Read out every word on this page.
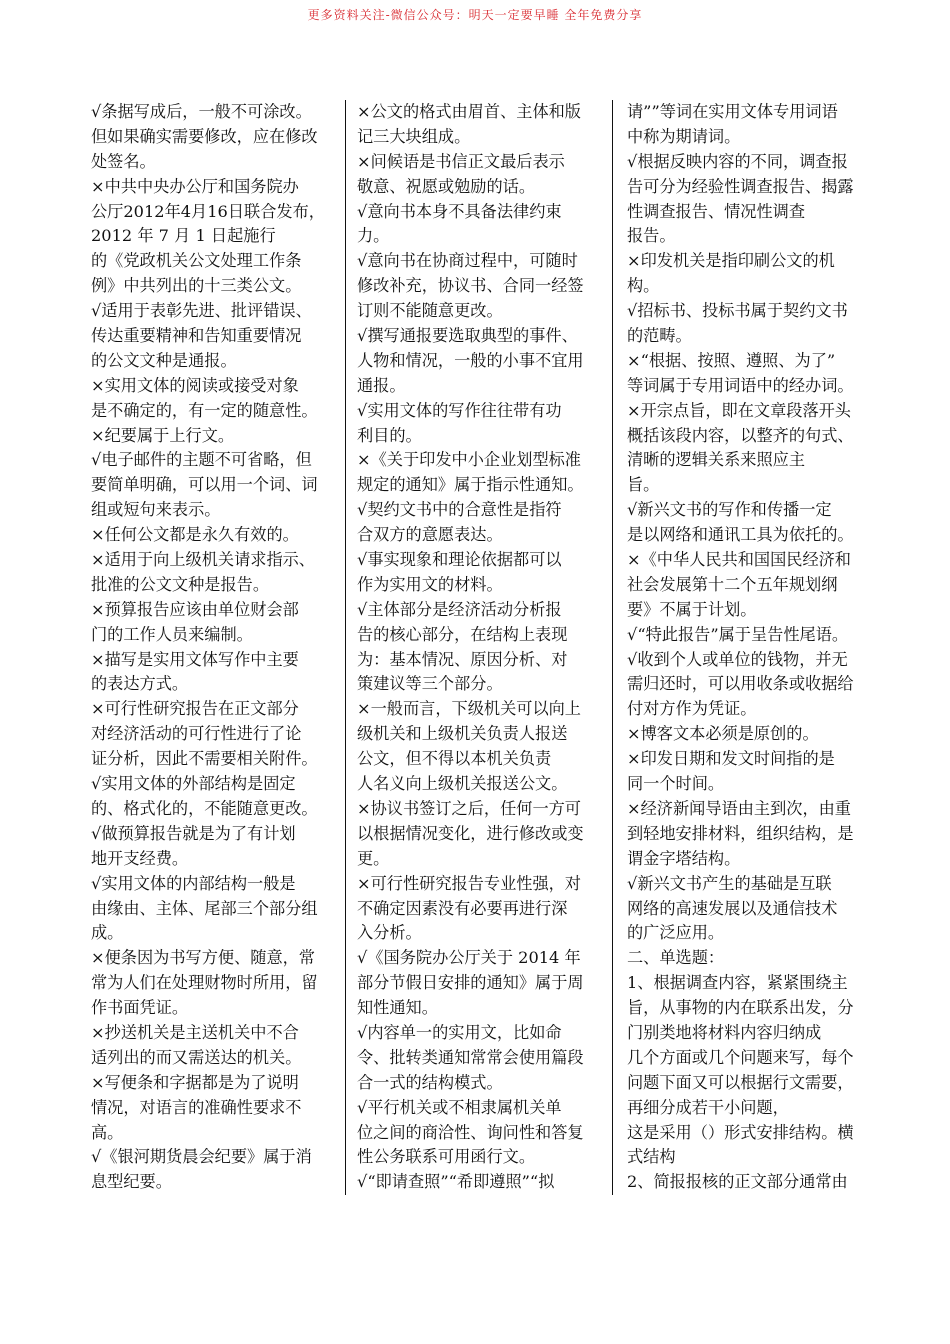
更多资料关注-微信公众号：明天一定要早睡 全年免费分享
√条据写成后，一般不可涂改。
但如果确实需要修改，应在修改
处签名。
×中共中央办公厅和国务院办
公厅2012年4月16日联合发布，
2012 年 7 月 1 日起施行
的《党政机关公文处理工作条
例》中共列出的十三类公文。
√适用于表彰先进、批评错误、
传达重要精神和告知重要情况
的公文文种是通报。
×实用文体的阅读或接受对象
是不确定的，有一定的随意性。
×纪要属于上行文。
√电子邮件的主题不可省略，但
要简单明确，可以用一个词、词
组或短句来表示。
×任何公文都是永久有效的。
×适用于向上级机关请求指示、
批准的公文文种是报告。
×预算报告应该由单位财会部
门的工作人员来编制。
×描写是实用文体写作中主要
的表达方式。
×可行性研究报告在正文部分
对经济活动的可行性进行了论
证分析，因此不需要相关附件。
√实用文体的外部结构是固定
的、格式化的，不能随意更改。
√做预算报告就是为了有计划
地开支经费。
√实用文体的内部结构一般是
由缘由、主体、尾部三个部分组
成。
×便条因为书写方便、随意，常
常为人们在处理财物时所用，留
作书面凭证。
×抄送机关是主送机关中不合
适列出的而又需送达的机关。
×写便条和字据都是为了说明
情况，对语言的准确性要求不
高。
√《银河期货晨会纪要》属于消
息型纪要。
×公文的格式由眉首、主体和版
记三大块组成。
×问候语是书信正文最后表示
敬意、祝愿或勉励的话。
√意向书本身不具备法律约束
力。
√意向书在协商过程中，可随时
修改补充，协议书、合同一经签
订则不能随意更改。
√撰写通报要选取典型的事件、
人物和情况，一般的小事不宜用
通报。
√实用文体的写作往往带有功
利目的。
×《关于印发中小企业划型标准
规定的通知》属于指示性通知。
√契约文书中的合意性是指符
合双方的意愿表达。
√事实现象和理论依据都可以
作为实用文的材料。
√主体部分是经济活动分析报
告的核心部分，在结构上表现
为：基本情况、原因分析、对
策建议等三个部分。
×一般而言，下级机关可以向上
级机关和上级机关负责人报送
公文，但不得以本机关负责
人名义向上级机关报送公文。
×协议书签订之后，任何一方可
以根据情况变化，进行修改或变
更。
×可行性研究报告专业性强，对
不确定因素没有必要再进行深
入分析。
√《国务院办公厅关于 2014 年
部分节假日安排的通知》属于周
知性通知。
√内容单一的实用文，比如命
令、批转类通知常常会使用篇段
合一式的结构模式。
√平行机关或不相隶属机关单
位之间的商洽性、询问性和答复
性公务联系可用函行文。
√“即请查照”“希即遵照”“拟
请””等词在实用文体专用词语
中称为期请词。
√根据反映内容的不同，调查报
告可分为经验性调查报告、揭露
性调查报告、情况性调查
报告。
×印发机关是指印刷公文的机
构。
√招标书、投标书属于契约文书
的范畴。
×“根据、按照、遵照、为了”
等词属于专用词语中的经办词。
×开宗点旨，即在文章段落开头
概括该段内容，以整齐的句式、
清晰的逻辑关系来照应主
旨。
√新兴文书的写作和传播一定
是以网络和通讯工具为依托的。
×《中华人民共和国国民经济和
社会发展第十二个五年规划纲
要》不属于计划。
√“特此报告”属于呈告性尾语。
√收到个人或单位的钱物，并无
需归还时，可以用收条或收据给
付对方作为凭证。
×博客文本必须是原创的。
×印发日期和发文时间指的是
同一个时间。
×经济新闻导语由主到次，由重
到轻地安排材料，组织结构，是
谓金字塔结构。
√新兴文书产生的基础是互联
网络的高速发展以及通信技术
的广泛应用。
二、单选题：
1、根据调查内容，紧紧围绕主
旨，从事物的内在联系出发，分
门别类地将材料内容归纳成
几个方面或几个问题来写，每个
问题下面又可以根据行文需要，
再细分成若干小问题，
这是采用（）形式安排结构。横
式结构
2、简报报核的正文部分通常由
